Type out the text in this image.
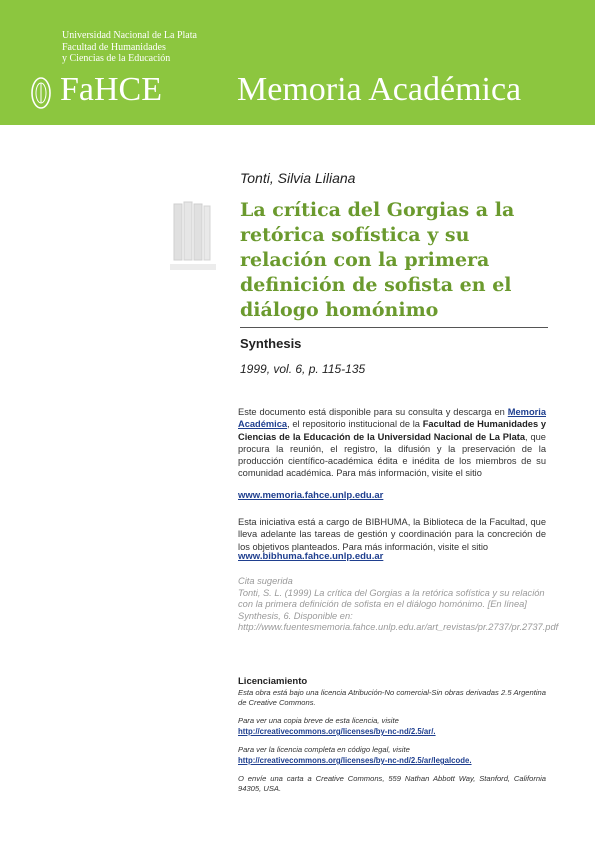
Universidad Nacional de La Plata
Facultad de Humanidades
y Ciencias de la Educación
FaHCE Memoria Académica
Tonti, Silvia Liliana
La crítica del Gorgias a la retórica sofística y su relación con la primera definición de sofista en el diálogo homónimo
Synthesis
1999, vol. 6, p. 115-135

Este documento está disponible para su consulta y descarga en Memoria Académica, el repositorio institucional de la Facultad de Humanidades y Ciencias de la Educación de la Universidad Nacional de La Plata, que procura la reunión, el registro, la difusión y la preservación de la producción científico-académica édita e inédita de los miembros de su comunidad académica. Para más información, visite el sitio

www.memoria.fahce.unlp.edu.ar

Esta iniciativa está a cargo de BIBHUMA, la Biblioteca de la Facultad, que lleva adelante las tareas de gestión y coordinación para la concreción de los objetivos planteados. Para más información, visite el sitio

www.bibhuma.fahce.unlp.edu.ar

Cita sugerida
Tonti, S. L. (1999) La crítica del Gorgias a la retórica sofística y su relación con la primera definición de sofista en el diálogo homónimo. [En línea] Synthesis, 6. Disponible en: http://www.fuentesmemoria.fahce.unlp.edu.ar/art_revistas/pr.2737/pr.2737.pdf

Licenciamiento

Esta obra está bajo una licencia Atribución-No comercial-Sin obras derivadas 2.5 Argentina de Creative Commons.

Para ver una copia breve de esta licencia, visite

http://creativecommons.org/licenses/by-nc-nd/2.5/ar/.

Para ver la licencia completa en código legal, visite

http://creativecommons.org/licenses/by-nc-nd/2.5/ar/legalcode.

O envíe una carta a Creative Commons, 559 Nathan Abbott Way, Stanford, California 94305, USA.
